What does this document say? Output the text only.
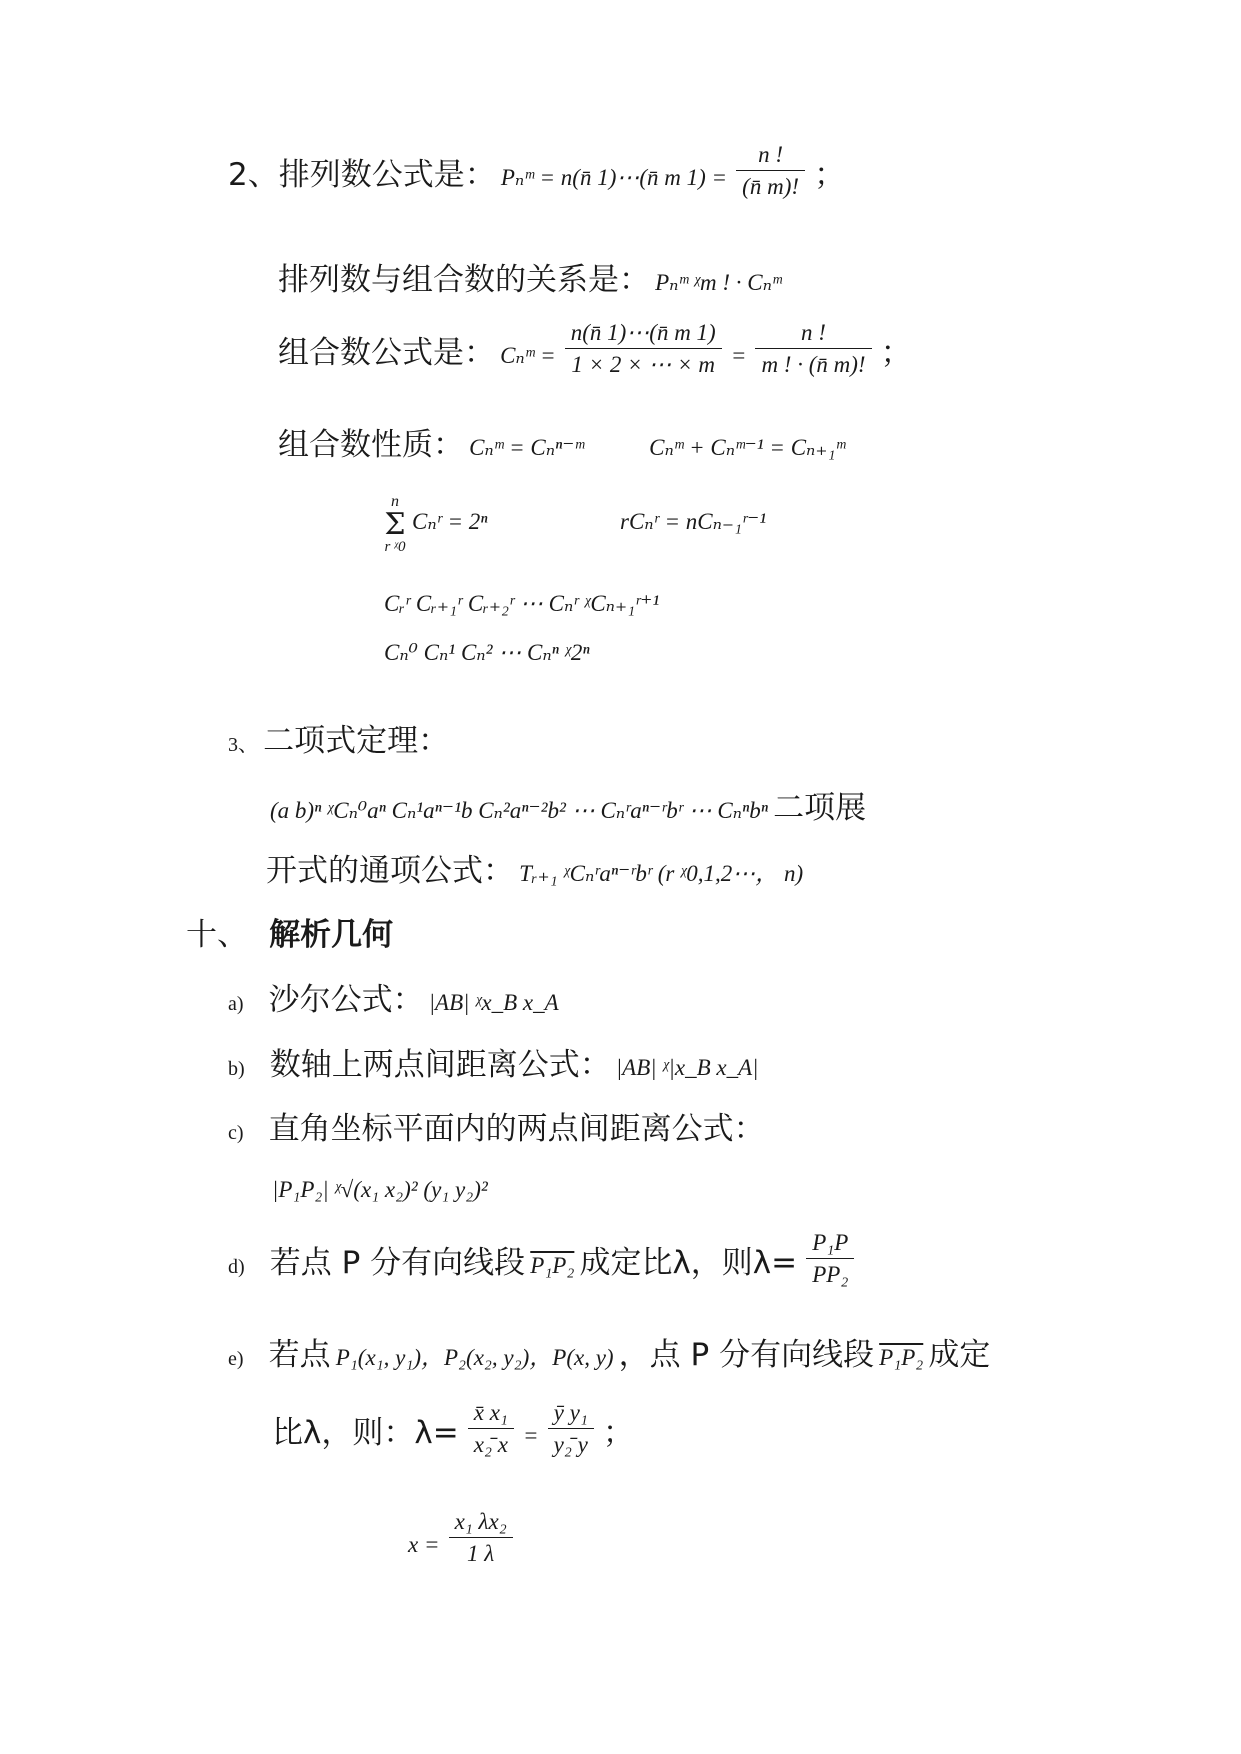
2、排列数公式是： Pₙᵐ = n(n̄ 1)⋯(n̄ m $1) = \frac{n !}{(n̄ m)!}$ ；
排列数与组合数的关系是： Pₙᵐ ᵡm ! · Cₙᵐ
组合数公式是： Cₙᵐ = $\frac{n(n̄ 1)\cdots(n̄ m 1)}{1 \times 2 \times \cdots \times m} = \frac{n !}{m ! \cdot (n̄ m)!}$ ；
组合数性质： Cₙᵐ = Cₙⁿ⁻ᵐ	Cₙᵐ + Cₙᵐ⁻¹ = Cₙ₊₁ᵐ
n
Σ
r ᵡ0
Cₙʳ = 2ⁿ	rCₙʳ = nCₙ₋₁ʳ⁻¹
Cᵣʳ Cᵣ₊₁ʳ Cᵣ₊₂ʳ ⋯ Cₙʳ ᵡCₙ₊₁ʳ⁺¹
Cₙ⁰ Cₙ¹ Cₙ² ⋯ Cₙⁿ ᵡ2ⁿ
3、 二项式定理：
(a b)ⁿ ᵡCₙ⁰aⁿ Cₙ¹aⁿ⁻¹b Cₙ²aⁿ⁻²b² ⋯ Cₙʳaⁿ⁻ʳbʳ ⋯ Cₙⁿbⁿ 二项展
开式的通项公式： Tᵣ₊₁ ᵡCₙʳaⁿ⁻ʳbʳ (r ᵡ0,1,2⋯， n)
十、 解析几何
a) 沙尔公式： |AB| ᵡx_B x_A
b) 数轴上两点间距离公式： |AB| ᵡ|x_B x_A|
c) 直角坐标平面内的两点间距离公式：
|P₁P₂| ᵡ√(x₁ x₂)² (y₁ y₂)²
d) 若点 P 分有向线段 P₁P₂ 成定比λ，则$\lambda= \frac{\text{P₁P}}{\text{PP₂}}$
e) 若点 P₁(x₁, y₁)，P₂(x₂, y₂)，P(x, y) ，点 P 分有向线段 P₁P₂ 成定
比λ，则：$\lambda= \frac{\text{x̄ x₁}}{\text{x₂̄ x}} = \frac{\text{ȳ y₁}}{\text{y₂̄ y}}$ ；
$x = \frac{\text{x₁ λx₂}}{1 \lambda}$
